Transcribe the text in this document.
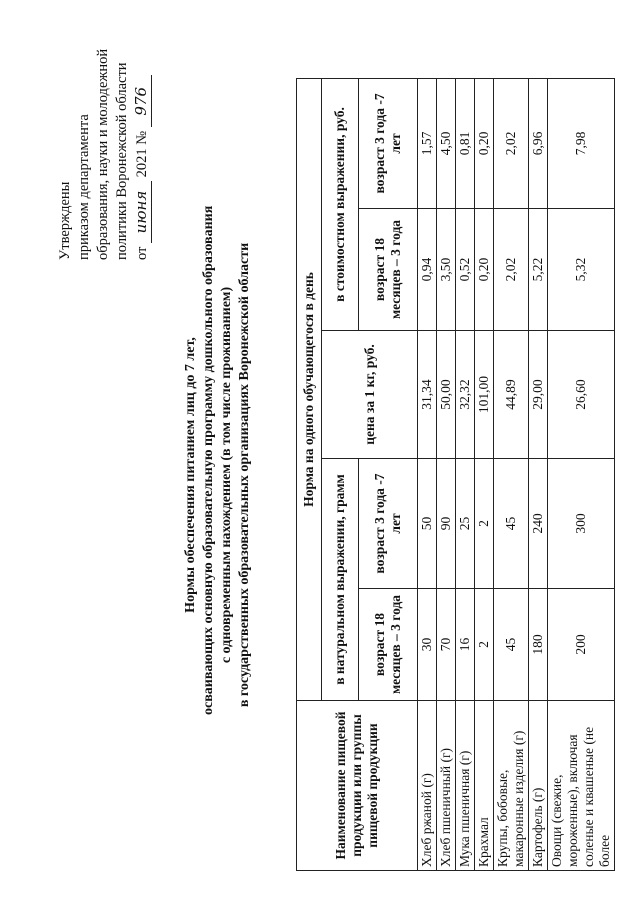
Утверждены приказом департамента образования, науки и молодежной политики Воронежской области от июня 2021 № 976
Нормы обеспечения питанием лиц до 7 лет, осваивающих основную образовательную программу дошкольного образования с одновременным нахождением (в том числе проживанием) в государственных образовательных организациях Воронежской области
Наименование пищевой продукции или группы пищевой продукции	Норма на одного обучающегося в день				
	в натуральном выражении, грамм		цена за 1 кг, руб.	в стоимостном выражении, руб.	
	возраст 18 месяцев – 3 года	возраст 3 года -7 лет		возраст 18 месяцев – 3 года	возраст 3 года -7 лет
Хлеб ржаной (г)	30	50	31,34	0,94	1,57
Хлеб пшеничный (г)	70	90	50,00	3,50	4,50
Мука пшеничная (г)	16	25	32,32	0,52	0,81
Крахмал	2	2	101,00	0,20	0,20
Крупы, бобовые, макаронные изделия (г)	45	45	44,89	2,02	2,02
Картофель (г)	180	240	29,00	5,22	6,96
Овощи (свежие, мороженные), включая соленые и квашеные (не более	200	300	26,60	5,32	7,98
